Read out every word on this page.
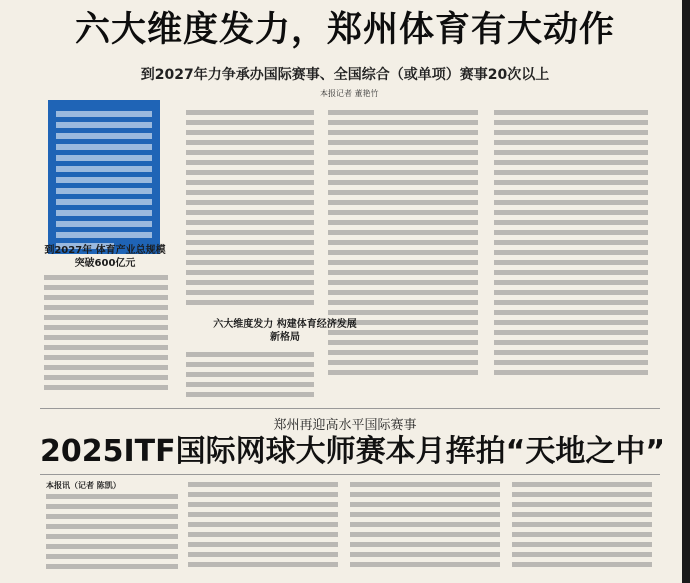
六大维度发力，郑州体育有大动作
到2027年力争承办国际赛事、全国综合（或单项）赛事20次以上
本报记者 董艳竹
到2027年 体育产业总规模突破600亿元
六大维度发力 构建体育经济发展新格局
郑州再迎高水平国际赛事
2025ITF国际网球大师赛本月挥拍“天地之中”
本报讯（记者 陈凯）
